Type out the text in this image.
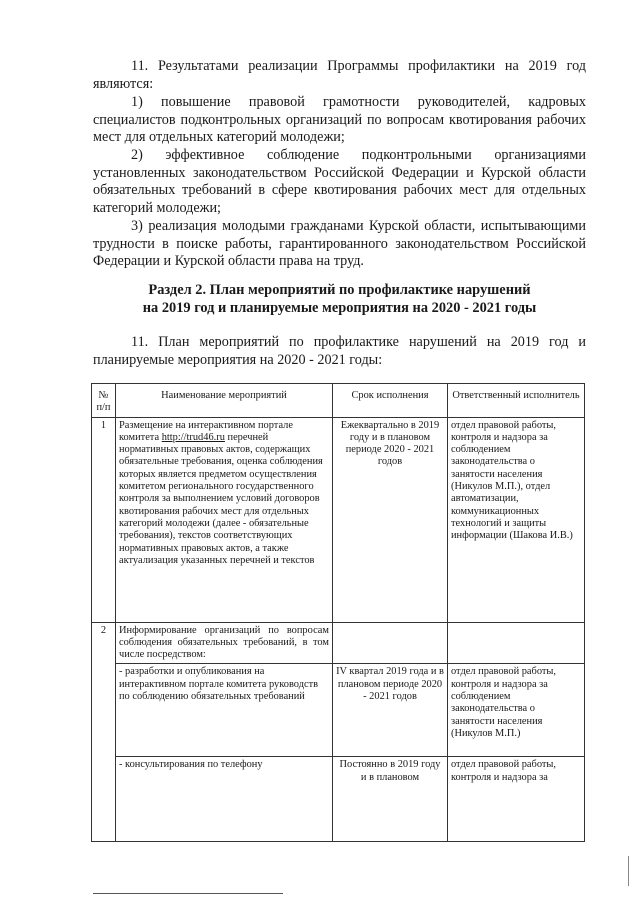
11. Результатами реализации Программы профилактики на 2019 год являются:

1) повышение правовой грамотности руководителей, кадровых специалистов подконтрольных организаций по вопросам квотирования рабочих мест для отдельных категорий молодежи;

2) эффективное соблюдение подконтрольными организациями установленных законодательством Российской Федерации и Курской области обязательных требований в сфере квотирования рабочих мест для отдельных категорий молодежи;

3) реализация молодыми гражданами Курской области, испытывающими трудности в поиске работы, гарантированного законодательством Российской Федерации и Курской области права на труд.

Раздел 2. План мероприятий по профилактике нарушений

на 2019 год и планируемые мероприятия на 2020 - 2021 годы

11. План мероприятий по профилактике нарушений на 2019 год и планируемые мероприятия на 2020 - 2021 годы:

№ п/п	Наименование мероприятий	Срок исполнения	Ответственный исполнитель
1	Размещение на интерактивном портале комитета http://trud46.ru перечней нормативных правовых актов, содержащих обязательные требования, оценка соблюдения которых является предметом осуществления комитетом регионального государственного контроля за выполнением условий договоров квотирования рабочих мест для отдельных категорий молодежи (далее - обязательные требования), текстов соответствующих нормативных правовых актов, а также актуализация указанных перечней и текстов	Ежеквартально в 2019 году и в плановом периоде 2020 - 2021 годов	отдел правовой работы, контроля и надзора за соблюдением законодательства о занятости населения (Никулов М.П.), отдел автоматизации, коммуникационных технологий и защиты информации (Шакова И.В.)
2	Информирование организаций по вопросам соблюдения обязательных требований, в том числе посредством:		
	- разработки и опубликования на интерактивном портале комитета руководств по соблюдению обязательных требований	IV квартал 2019 года и в плановом периоде 2020 - 2021 годов	отдел правовой работы, контроля и надзора за соблюдением законодательства о занятости населения (Никулов М.П.)
	- консультирования по телефону	Постоянно в 2019 году и в плановом	отдел правовой работы, контроля и надзора за
